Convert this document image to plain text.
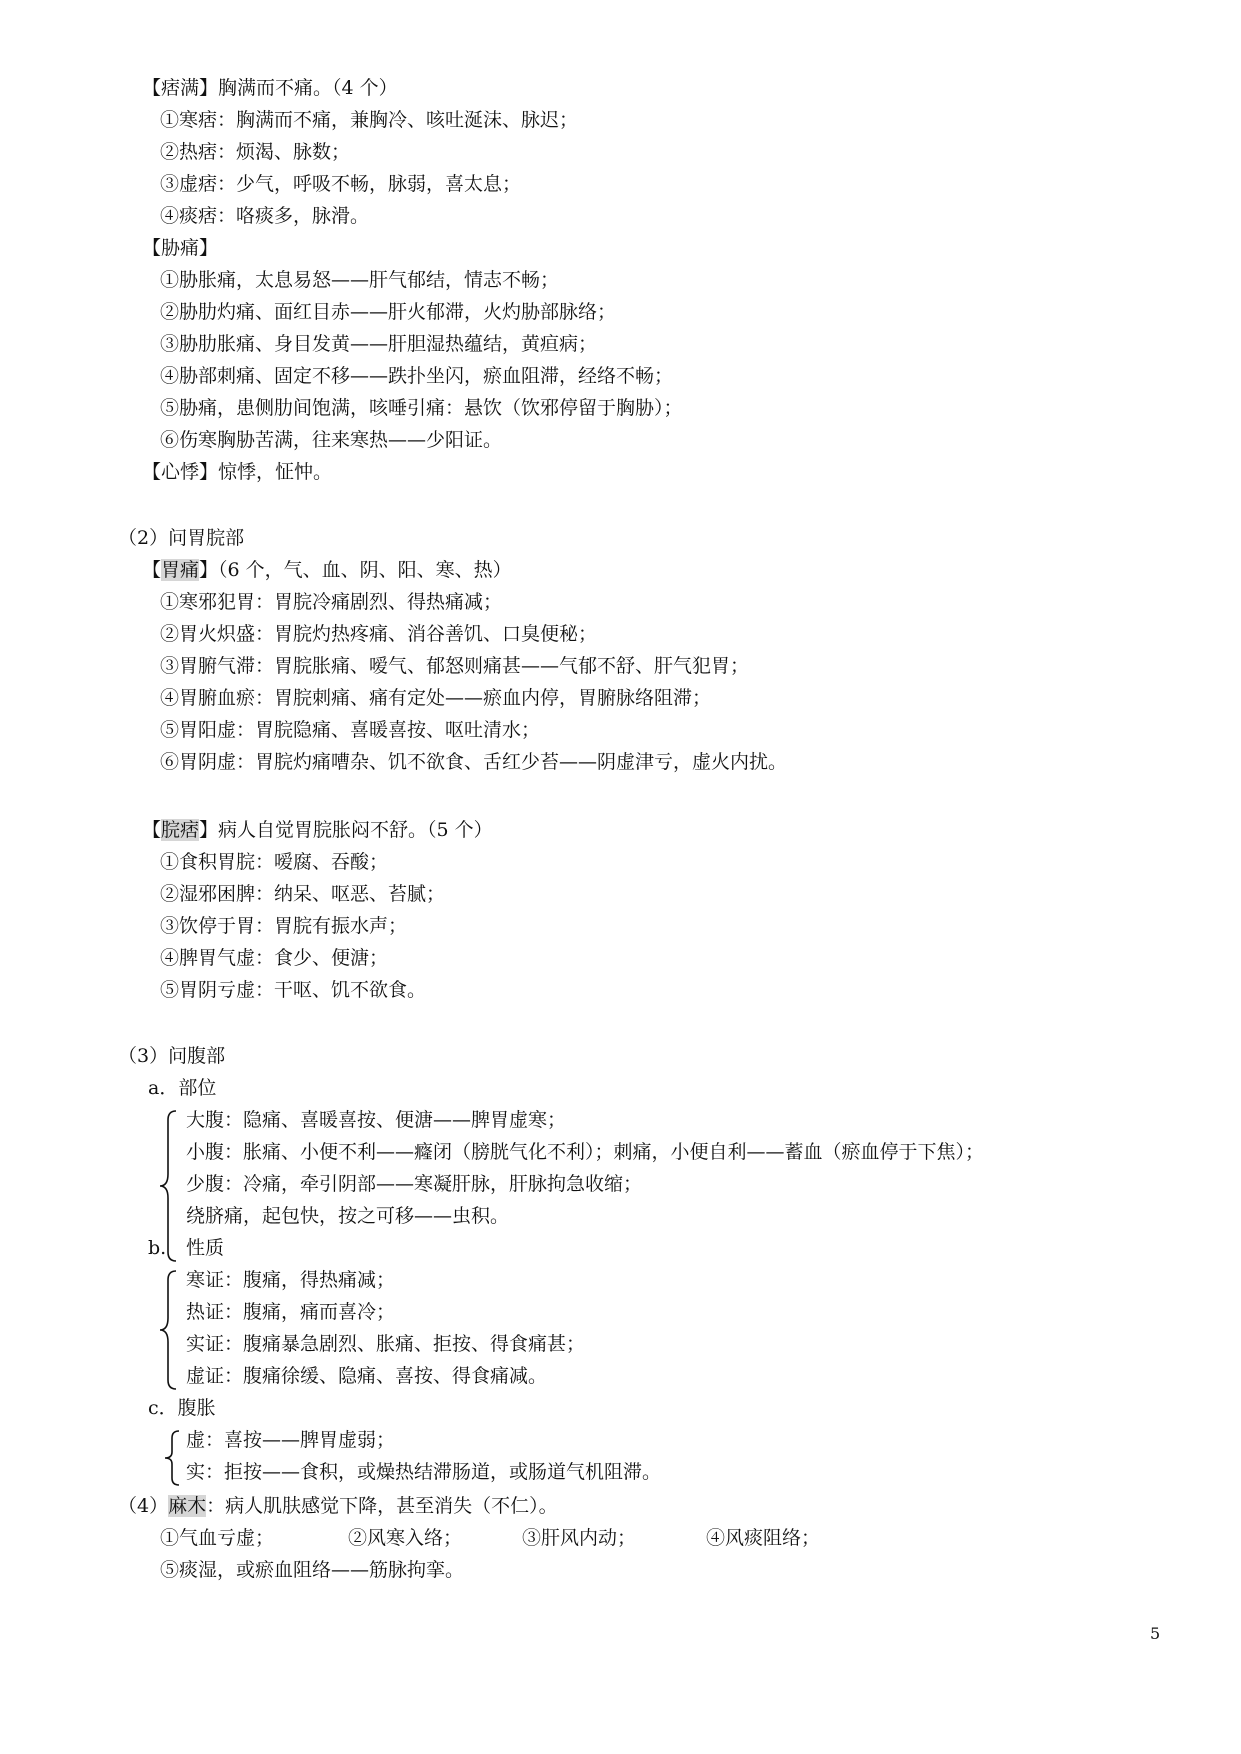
【痞满】胸满而不痛。（4 个）
①寒痞：胸满而不痛，兼胸冷、咳吐涎沫、脉迟；
②热痞：烦渴、脉数；
③虚痞：少气，呼吸不畅，脉弱，喜太息；
④痰痞：咯痰多，脉滑。
【胁痛】
①胁胀痛，太息易怒——肝气郁结，情志不畅；
②胁肋灼痛、面红目赤——肝火郁滞，火灼胁部脉络；
③胁肋胀痛、身目发黄——肝胆湿热蕴结，黄疸病；
④胁部刺痛、固定不移——跌扑坐闪，瘀血阻滞，经络不畅；
⑤胁痛，患侧肋间饱满，咳唾引痛：悬饮（饮邪停留于胸胁）；
⑥伤寒胸胁苦满，往来寒热——少阳证。
【心悸】惊悸，怔忡。
（2）问胃脘部
【胃痛】（6 个，气、血、阴、阳、寒、热）
①寒邪犯胃：胃脘冷痛剧烈、得热痛减；
②胃火炽盛：胃脘灼热疼痛、消谷善饥、口臭便秘；
③胃腑气滞：胃脘胀痛、嗳气、郁怒则痛甚——气郁不舒、肝气犯胃；
④胃腑血瘀：胃脘刺痛、痛有定处——瘀血内停，胃腑脉络阻滞；
⑤胃阳虚：胃脘隐痛、喜暖喜按、呕吐清水；
⑥胃阴虚：胃脘灼痛嘈杂、饥不欲食、舌红少苔——阴虚津亏，虚火内扰。
【脘痞】病人自觉胃脘胀闷不舒。（5 个）
①食积胃脘：嗳腐、吞酸；
②湿邪困脾：纳呆、呕恶、苔腻；
③饮停于胃：胃脘有振水声；
④脾胃气虚：食少、便溏；
⑤胃阴亏虚：干呕、饥不欲食。
（3）问腹部
a．部位
大腹：隐痛、喜暖喜按、便溏——脾胃虚寒；
小腹：胀痛、小便不利——癃闭（膀胱气化不利）；刺痛，小便自利——蓄血（瘀血停于下焦）；
少腹：冷痛，牵引阴部——寒凝肝脉，肝脉拘急收缩；
绕脐痛，起包快，按之可移——虫积。
b. 性质
寒证：腹痛，得热痛减；
热证：腹痛，痛而喜冷；
实证：腹痛暴急剧烈、胀痛、拒按、得食痛甚；
虚证：腹痛徐缓、隐痛、喜按、得食痛减。
c．腹胀
虚：喜按——脾胃虚弱；
实：拒按——食积，或燥热结滞肠道，或肠道气机阻滞。
（4）麻木：病人肌肤感觉下降，甚至消失（不仁）。
①气血亏虚；	②风寒入络；	③肝风内动；	④风痰阻络；
⑤痰湿，或瘀血阻络——筋脉拘挛。
5
